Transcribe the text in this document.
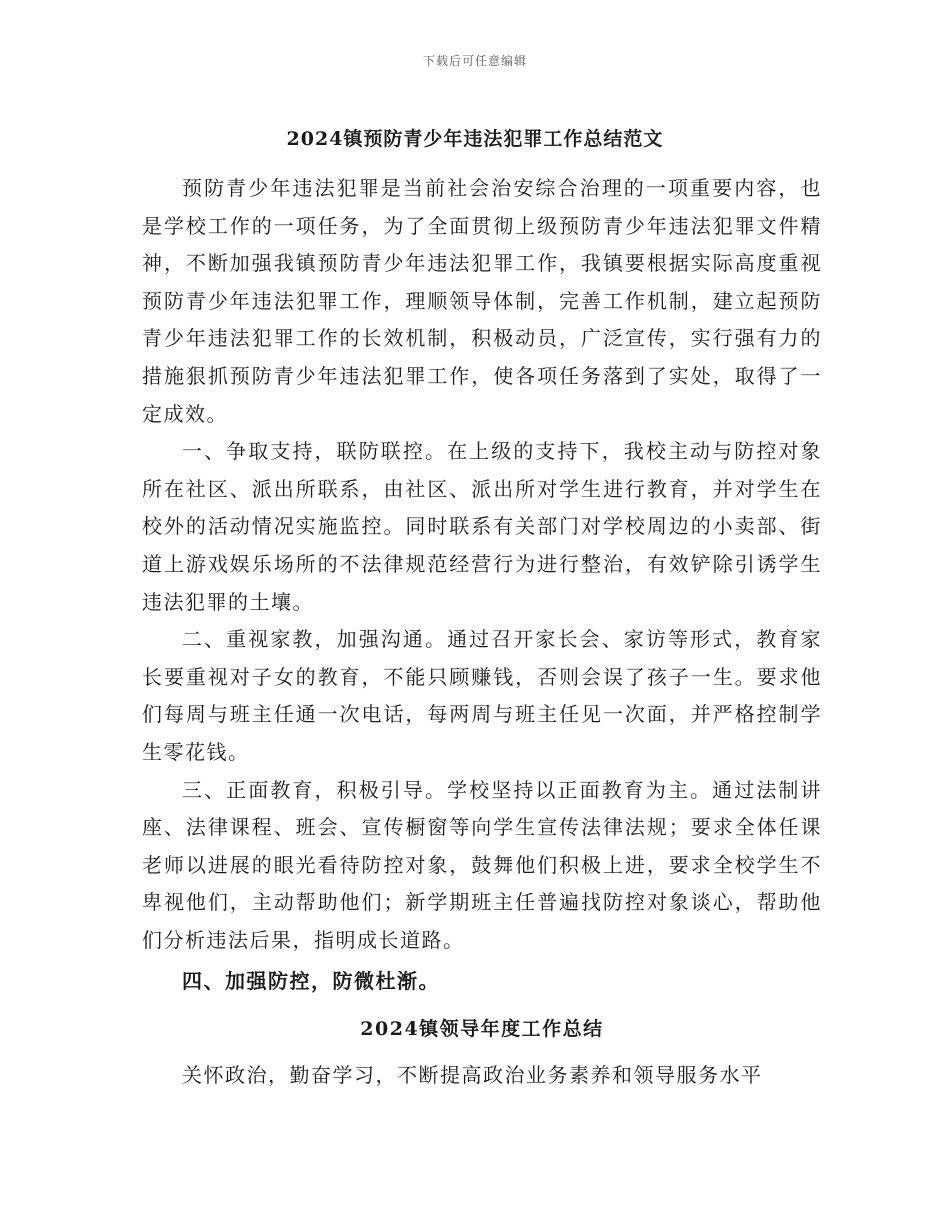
下载后可任意编辑
2024镇预防青少年违法犯罪工作总结范文

预防青少年违法犯罪是当前社会治安综合治理的一项重要内容，也是学校工作的一项任务，为了全面贯彻上级预防青少年违法犯罪文件精神，不断加强我镇预防青少年违法犯罪工作，我镇要根据实际高度重视预防青少年违法犯罪工作，理顺领导体制，完善工作机制，建立起预防青少年违法犯罪工作的长效机制，积极动员，广泛宣传，实行强有力的措施狠抓预防青少年违法犯罪工作，使各项任务落到了实处，取得了一定成效。

一、争取支持，联防联控。在上级的支持下，我校主动与防控对象所在社区、派出所联系，由社区、派出所对学生进行教育，并对学生在校外的活动情况实施监控。同时联系有关部门对学校周边的小卖部、街道上游戏娱乐场所的不法律规范经营行为进行整治，有效铲除引诱学生违法犯罪的土壤。

二、重视家教，加强沟通。通过召开家长会、家访等形式，教育家长要重视对子女的教育，不能只顾赚钱，否则会误了孩子一生。要求他们每周与班主任通一次电话，每两周与班主任见一次面，并严格控制学生零花钱。

三、正面教育，积极引导。学校坚持以正面教育为主。通过法制讲座、法律课程、班会、宣传橱窗等向学生宣传法律法规；要求全体任课老师以进展的眼光看待防控对象，鼓舞他们积极上进，要求全校学生不卑视他们，主动帮助他们；新学期班主任普遍找防控对象谈心，帮助他们分析违法后果，指明成长道路。

四、加强防控，防微杜渐。

2024镇领导年度工作总结

关怀政治，勤奋学习，不断提高政治业务素养和领导服务水平
